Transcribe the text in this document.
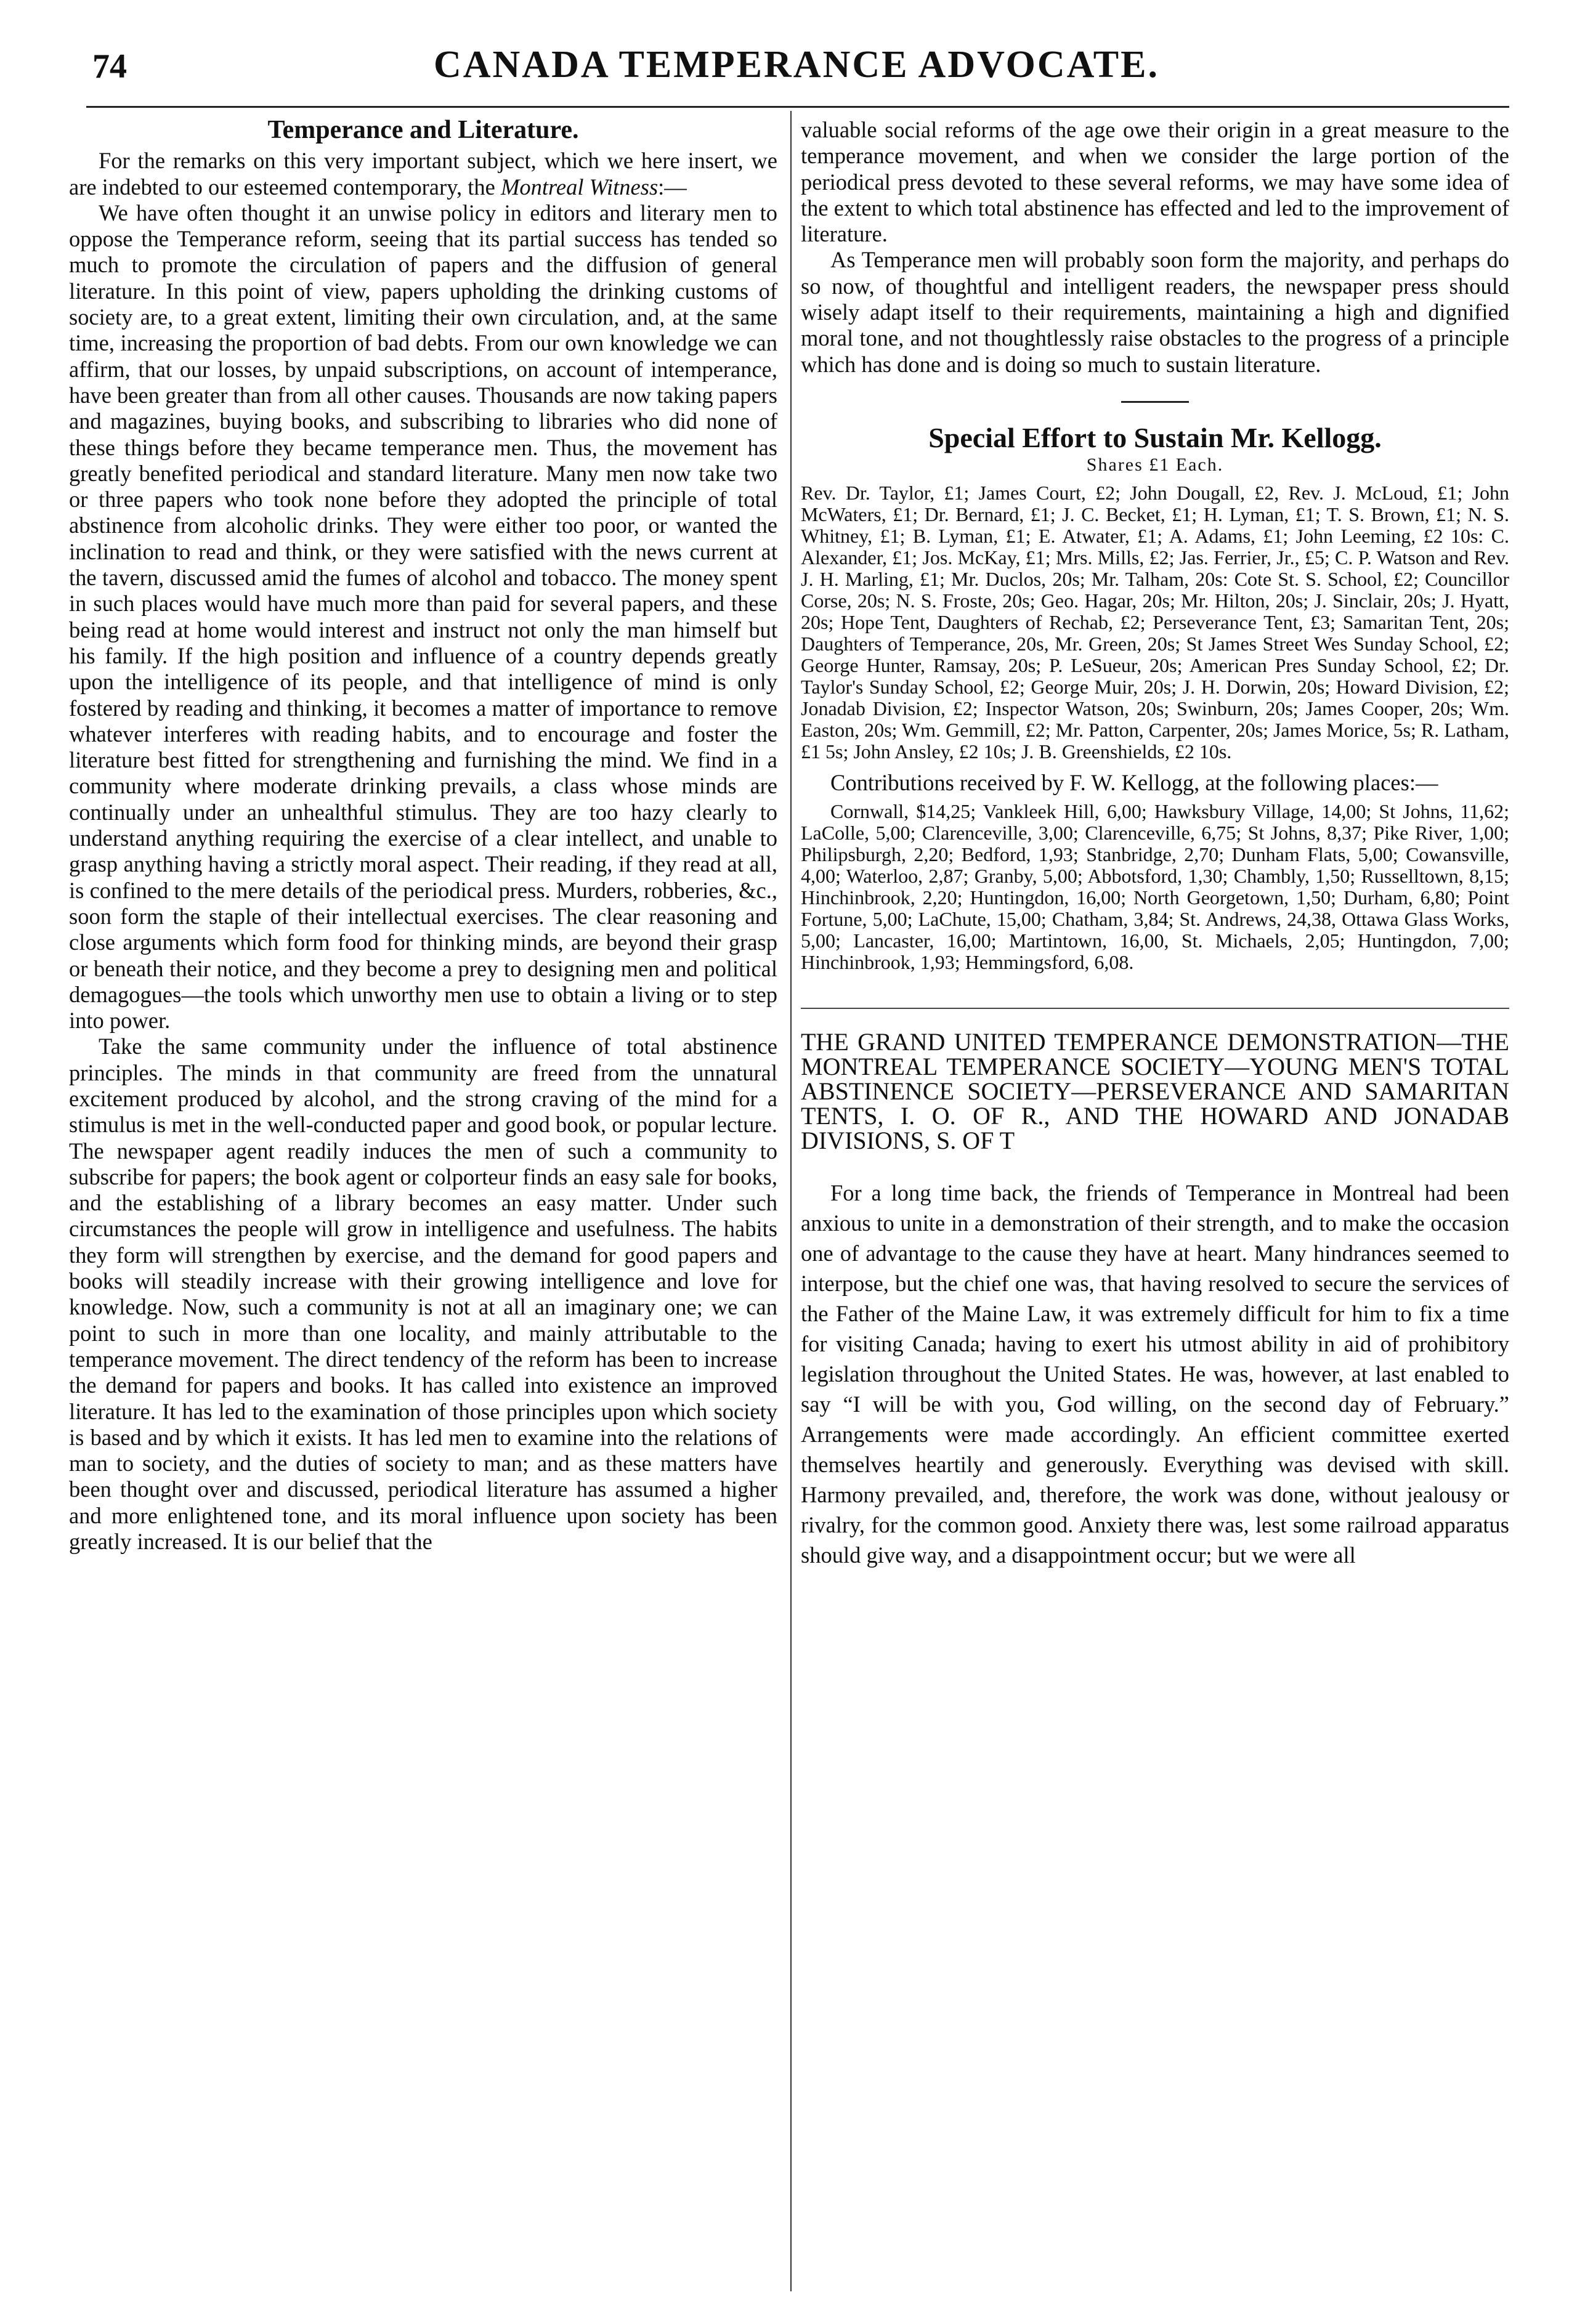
74	CANADA TEMPERANCE ADVOCATE.

Temperance and Literature.

For the remarks on this very important subject, which we here insert, we are indebted to our esteemed contemporary, the Montreal Witness:—

We have often thought it an unwise policy in editors and literary men to oppose the Temperance reform, seeing that its partial success has tended so much to promote the circulation of papers and the diffusion of general literature. In this point of view, papers upholding the drinking customs of society are, to a great extent, limiting their own circulation, and, at the same time, increasing the proportion of bad debts. From our own knowledge we can affirm, that our losses, by unpaid subscriptions, on account of intemperance, have been greater than from all other causes. Thousands are now taking papers and magazines, buying books, and subscribing to libraries who did none of these things before they became temperance men. Thus, the movement has greatly benefited periodical and standard literature. Many men now take two or three papers who took none before they adopted the principle of total abstinence from alcoholic drinks. They were either too poor, or wanted the inclination to read and think, or they were satisfied with the news current at the tavern, discussed amid the fumes of alcohol and tobacco. The money spent in such places would have much more than paid for several papers, and these being read at home would interest and instruct not only the man himself but his family. If the high position and influence of a country depends greatly upon the intelligence of its people, and that intelligence of mind is only fostered by reading and thinking, it becomes a matter of importance to remove whatever interferes with reading habits, and to encourage and foster the literature best fitted for strengthening and furnishing the mind. We find in a community where moderate drinking prevails, a class whose minds are continually under an unhealthful stimulus. They are too hazy clearly to understand anything requiring the exercise of a clear intellect, and unable to grasp anything having a strictly moral aspect. Their reading, if they read at all, is confined to the mere details of the periodical press. Murders, robberies, &c., soon form the staple of their intellectual exercises. The clear reasoning and close arguments which form food for thinking minds, are beyond their grasp or beneath their notice, and they become a prey to designing men and political demagogues—the tools which unworthy men use to obtain a living or to step into power.

Take the same community under the influence of total abstinence principles. The minds in that community are freed from the unnatural excitement produced by alcohol, and the strong craving of the mind for a stimulus is met in the well-conducted paper and good book, or popular lecture. The newspaper agent readily induces the men of such a community to subscribe for papers; the book agent or colporteur finds an easy sale for books, and the establishing of a library becomes an easy matter. Under such circumstances the people will grow in intelligence and usefulness. The habits they form will strengthen by exercise, and the demand for good papers and books will steadily increase with their growing intelligence and love for knowledge. Now, such a community is not at all an imaginary one; we can point to such in more than one locality, and mainly attributable to the temperance movement. The direct tendency of the reform has been to increase the demand for papers and books. It has called into existence an improved literature. It has led to the examination of those principles upon which society is based and by which it exists. It has led men to examine into the relations of man to society, and the duties of society to man; and as these matters have been thought over and discussed, periodical literature has assumed a higher and more enlightened tone, and its moral influence upon society has been greatly increased. It is our belief that the

valuable social reforms of the age owe their origin in a great measure to the temperance movement, and when we consider the large portion of the periodical press devoted to these several reforms, we may have some idea of the extent to which total abstinence has effected and led to the improvement of literature.

As Temperance men will probably soon form the majority, and perhaps do so now, of thoughtful and intelligent readers, the newspaper press should wisely adapt itself to their requirements, maintaining a high and dignified moral tone, and not thoughtlessly raise obstacles to the progress of a principle which has done and is doing so much to sustain literature.

Special Effort to Sustain Mr. Kellogg.

Shares £1 Each.

Rev. Dr. Taylor, £1; James Court, £2; John Dougall, £2, Rev. J. McLoud, £1; John McWaters, £1; Dr. Bernard, £1; J. C. Becket, £1; H. Lyman, £1; T. S. Brown, £1; N. S. Whitney, £1; B. Lyman, £1; E. Atwater, £1; A. Adams, £1; John Leeming, £2 10s: C. Alexander, £1; Jos. McKay, £1; Mrs. Mills, £2; Jas. Ferrier, Jr., £5; C. P. Watson and Rev. J. H. Marling, £1; Mr. Duclos, 20s; Mr. Talham, 20s: Cote St. S. School, £2; Councillor Corse, 20s; N. S. Froste, 20s; Geo. Hagar, 20s; Mr. Hilton, 20s; J. Sinclair, 20s; J. Hyatt, 20s; Hope Tent, Daughters of Rechab, £2; Perseverance Tent, £3; Samaritan Tent, 20s; Daughters of Temperance, 20s, Mr. Green, 20s; St James Street Wes Sunday School, £2; George Hunter, Ramsay, 20s; P. LeSueur, 20s; American Pres Sunday School, £2; Dr. Taylor's Sunday School, £2; George Muir, 20s; J. H. Dorwin, 20s; Howard Division, £2; Jonadab Division, £2; Inspector Watson, 20s; Swinburn, 20s; James Cooper, 20s; Wm. Easton, 20s; Wm. Gemmill, £2; Mr. Patton, Carpenter, 20s; James Morice, 5s; R. Latham, £1 5s; John Ansley, £2 10s; J. B. Greenshields, £2 10s.

Contributions received by F. W. Kellogg, at the following places:—

Cornwall, $14,25; Vankleek Hill, 6,00; Hawksbury Village, 14,00; St Johns, 11,62; LaColle, 5,00; Clarenceville, 3,00; Clarenceville, 6,75; St Johns, 8,37; Pike River, 1,00; Philipsburgh, 2,20; Bedford, 1,93; Stanbridge, 2,70; Dunham Flats, 5,00; Cowansville, 4,00; Waterloo, 2,87; Granby, 5,00; Abbotsford, 1,30; Chambly, 1,50; Russelltown, 8,15; Hinchinbrook, 2,20; Huntingdon, 16,00; North Georgetown, 1,50; Durham, 6,80; Point Fortune, 5,00; LaChute, 15,00; Chatham, 3,84; St. Andrews, 24,38, Ottawa Glass Works, 5,00; Lancaster, 16,00; Martintown, 16,00, St. Michaels, 2,05; Huntingdon, 7,00; Hinchinbrook, 1,93; Hemmingsford, 6,08.

THE GRAND UNITED TEMPERANCE DEMONSTRATION—THE MONTREAL TEMPERANCE SOCIETY—YOUNG MEN'S TOTAL ABSTINENCE SOCIETY—PERSEVERANCE AND SAMARITAN TENTS, I. O. OF R., AND THE HOWARD AND JONADAB DIVISIONS, S. OF T

For a long time back, the friends of Temperance in Montreal had been anxious to unite in a demonstration of their strength, and to make the occasion one of advantage to the cause they have at heart. Many hindrances seemed to interpose, but the chief one was, that having resolved to secure the services of the Father of the Maine Law, it was extremely difficult for him to fix a time for visiting Canada; having to exert his utmost ability in aid of prohibitory legislation throughout the United States. He was, however, at last enabled to say “I will be with you, God willing, on the second day of February.” Arrangements were made accordingly. An efficient committee exerted themselves heartily and generously. Everything was devised with skill. Harmony prevailed, and, therefore, the work was done, without jealousy or rivalry, for the common good. Anxiety there was, lest some railroad apparatus should give way, and a disappointment occur; but we were all
